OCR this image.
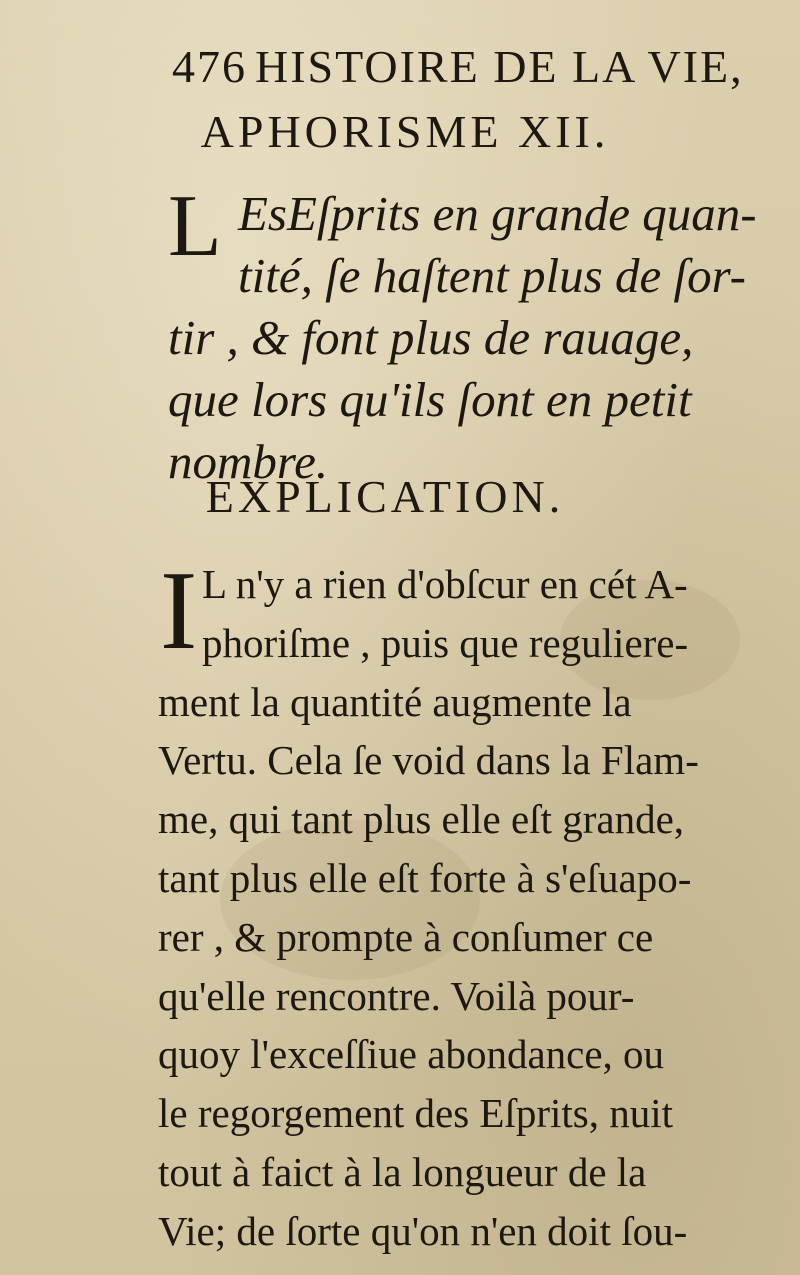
476 HISTOIRE DE LA VIE,
APHORISME XII.
L EsEſprits en grande quan-
tité, ſe haſtent plus de ſor-
tir , & font plus de rauage,
que lors qu'ils ſont en petit
nombre.
EXPLICATION.
I L n'y a rien d'obſcur en cét A-
phoriſme , puis que reguliere-
ment la quantité augmente la
Vertu. Cela ſe void dans la Flam-
me, qui tant plus elle eſt grande,
tant plus elle eſt forte à s'eſuapo-
rer , & prompte à conſumer ce
qu'elle rencontre. Voilà pour-
quoy l'exceſſiue abondance, ou
le regorgement des Eſprits, nuit
tout à faict à la longueur de la
Vie; de ſorte qu'on n'en doit ſou-
